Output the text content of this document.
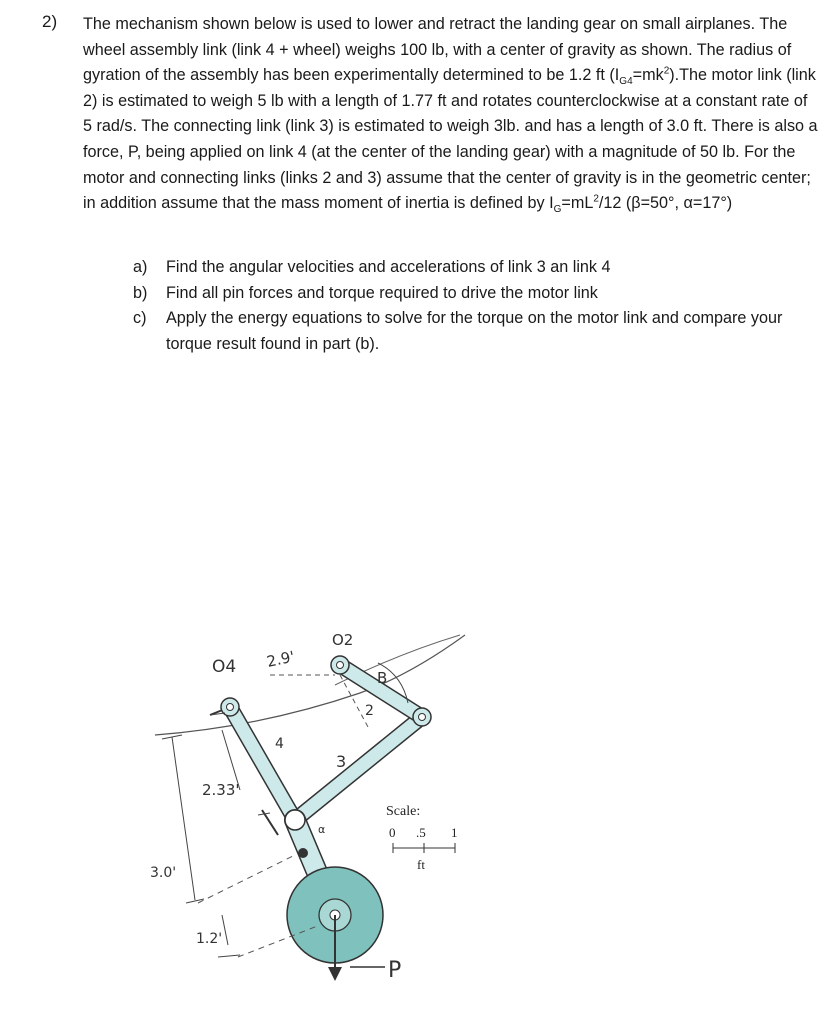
2) The mechanism shown below is used to lower and retract the landing gear on small airplanes. The wheel assembly link (link 4 + wheel) weighs 100 lb, with a center of gravity as shown. The radius of gyration of the assembly has been experimentally determined to be 1.2 ft $(I_{G4}=mk^2).The$ motor link (link 2) is estimated to weigh 5 lb with a length of 1.77 ft and rotates counterclockwise at a constant rate of 5 rad/s. The connecting link (link 3) is estimated to weigh 3lb. and has a length of 3.0 ft. There is also a force, P, being applied on link 4 (at the center of the landing gear) with a magnitude of 50 lb. For the motor and connecting links (links 2 and 3) assume that the center of gravity is in the geometric center; in addition assume that the mass moment of inertia is defined by $I_G=mL^2/12$ (β=50°, α=17°)

a) Find the angular velocities and accelerations of link 3 an link 4
b) Find all pin forces and torque required to drive the motor link
c) Apply the energy equations to solve for the torque on the motor link and compare your torque result found in part (b).
O4 2.9'
O2
B
2
3
4
2.33'
3.0'
1.2'
P
α
Scale:
0 .5 1
ft
